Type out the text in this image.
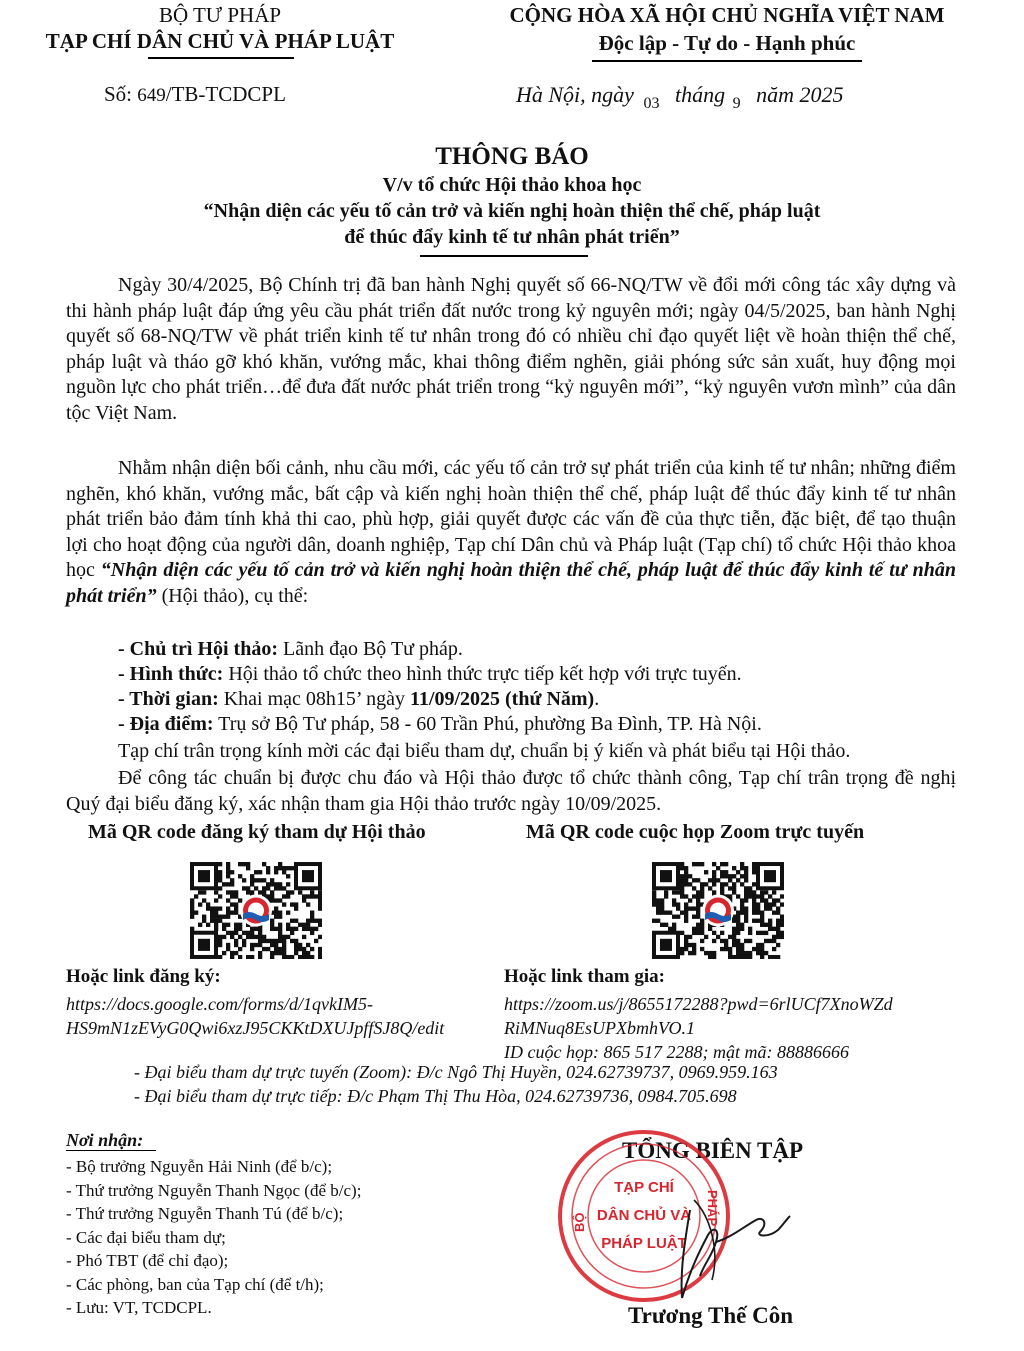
BỘ TƯ PHÁP
TẠP CHÍ DÂN CHỦ VÀ PHÁP LUẬT
CỘNG HÒA XÃ HỘI CHỦ NGHĨA VIỆT NAM
Độc lập - Tự do - Hạnh phúc
Số: 649/TB-TCDCPL	Hà Nội, ngày $_{03}$ tháng $_9$ năm 2025
THÔNG BÁO
V/v tổ chức Hội thảo khoa học
“Nhận diện các yếu tố cản trở và kiến nghị hoàn thiện thể chế, pháp luật
để thúc đẩy kinh tế tư nhân phát triển”
Ngày 30/4/2025, Bộ Chính trị đã ban hành Nghị quyết số 66-NQ/TW về đổi mới công tác xây dựng và thi hành pháp luật đáp ứng yêu cầu phát triển đất nước trong kỷ nguyên mới; ngày 04/5/2025, ban hành Nghị quyết số 68-NQ/TW về phát triển kinh tế tư nhân trong đó có nhiều chỉ đạo quyết liệt về hoàn thiện thể chế, pháp luật và tháo gỡ khó khăn, vướng mắc, khai thông điểm nghẽn, giải phóng sức sản xuất, huy động mọi nguồn lực cho phát triển…để đưa đất nước phát triển trong “kỷ nguyên mới”, “kỷ nguyên vươn mình” của dân tộc Việt Nam.
Nhằm nhận diện bối cảnh, nhu cầu mới, các yếu tố cản trở sự phát triển của kinh tế tư nhân; những điểm nghẽn, khó khăn, vướng mắc, bất cập và kiến nghị hoàn thiện thể chế, pháp luật để thúc đẩy kinh tế tư nhân phát triển bảo đảm tính khả thi cao, phù hợp, giải quyết được các vấn đề của thực tiễn, đặc biệt, để tạo thuận lợi cho hoạt động của người dân, doanh nghiệp, Tạp chí Dân chủ và Pháp luật (Tạp chí) tổ chức Hội thảo khoa học “Nhận diện các yếu tố cản trở và kiến nghị hoàn thiện thể chế, pháp luật để thúc đẩy kinh tế tư nhân phát triển” (Hội thảo), cụ thể:
- Chủ trì Hội thảo: Lãnh đạo Bộ Tư pháp.
- Hình thức: Hội thảo tổ chức theo hình thức trực tiếp kết hợp với trực tuyến.
- Thời gian: Khai mạc 08h15’ ngày 11/09/2025 (thứ Năm).
- Địa điểm: Trụ sở Bộ Tư pháp, 58 - 60 Trần Phú, phường Ba Đình, TP. Hà Nội.
Tạp chí trân trọng kính mời các đại biểu tham dự, chuẩn bị ý kiến và phát biểu tại Hội thảo.
Để công tác chuẩn bị được chu đáo và Hội thảo được tổ chức thành công, Tạp chí trân trọng đề nghị Quý đại biểu đăng ký, xác nhận tham gia Hội thảo trước ngày 10/09/2025.
Mã QR code đăng ký tham dự Hội thảo	Mã QR code cuộc họp Zoom trực tuyến
Hoặc link đăng ký:
https://docs.google.com/forms/d/1qvkIM5-
HS9mN1zEVyG0Qwi6xzJ95CKKtDXUJpffSJ8Q/edit
Hoặc link tham gia:
https://zoom.us/j/8655172288?pwd=6rlUCf7XnoWZd
RiMNuq8EsUPXbmhVO.1
ID cuộc họp: 865 517 2288; mật mã: 88886666
- Đại biểu tham dự trực tuyến (Zoom): Đ/c Ngô Thị Huyền, 024.62739737, 0969.959.163
- Đại biểu tham dự trực tiếp: Đ/c Phạm Thị Thu Hòa, 024.62739736, 0984.705.698
Nơi nhận:
- Bộ trưởng Nguyễn Hải Ninh (để b/c);
- Thứ trưởng Nguyễn Thanh Ngọc (để b/c);
- Thứ trưởng Nguyễn Thanh Tú (để b/c);
- Các đại biểu tham dự;
- Phó TBT (để chỉ đạo);
- Các phòng, ban của Tạp chí (để t/h);
- Lưu: VT, TCDCPL.
TỔNG BIÊN TẬP
Trương Thế Côn
TẠP CHÍ
DÂN CHỦ VÀ
PHÁP LUẬT
BỘ	PHÁP
